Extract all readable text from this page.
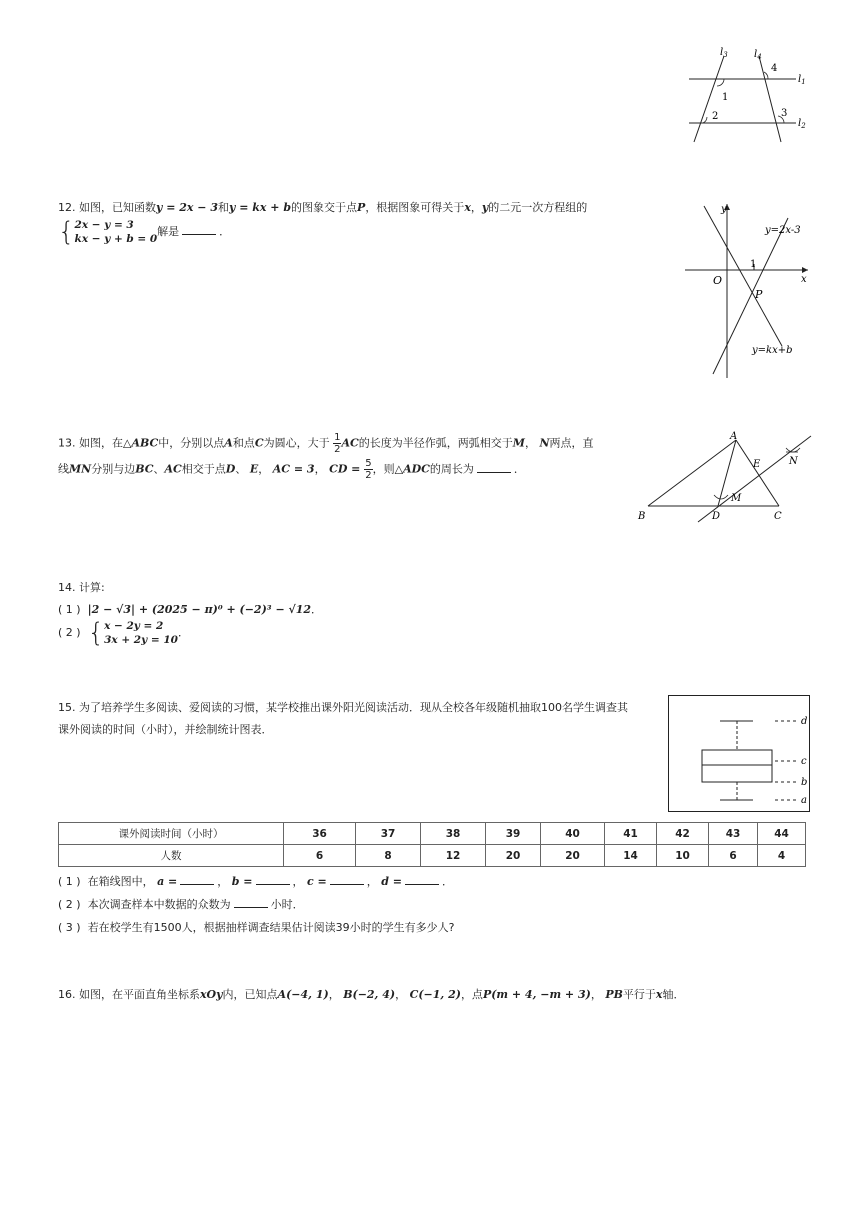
$l_3$	$l_4$
$l_1$
$l_2$
1
2	3
4
12. 如图，已知函数y = 2x − 3和y = kx + b的图象交于点P，根据图象可得关于x，y的二元一次方程组的
{ 2x − y = 3
kx − y + b = 0
解是	．
y
x
O
1
P
y=2x-3
y=kx+b
13. 如图，在△ABC中，分别以点A和点C为圆心，大于 $\frac{1}{2}$ AC的长度为半径作弧，两弧相交于M， N两点，直
线MN分别与边BC、AC相交于点D、 E， AC = 3， CD = $\frac{5}{2}$ ，则△ADC的周长为	．
A
B	C
D
E
M
N
14. 计算:
( 1 ) |2 − √3| + (2025 − π)⁰ + (−2)³ − √12．
( 2 ) { x − 2y = 2
3x + 2y = 10
．
15. 为了培养学生多阅读、爱阅读的习惯，某学校推出课外阳光阅读活动．现从全校各年级随机抽取100名学生调查其
课外阅读的时间（小时），并绘制统计图表．
d
c
b
a
课外阅读时间（小时）	36	37	38	39	40	41	42	43	44
人数	6	8	12	20	20	14	10	6	4
( 1 ) 在箱线图中， a =	， b =	， c =	， d =	．
( 2 ) 本次调查样本中数据的众数为	小时．
( 3 ) 若在校学生有1500人，根据抽样调查结果估计阅读39小时的学生有多少人?
16. 如图，在平面直角坐标系xOy内，已知点A(−4, 1)， B(−2, 4)， C(−1, 2)，点P(m + 4, −m + 3)， PB平行于x轴．
